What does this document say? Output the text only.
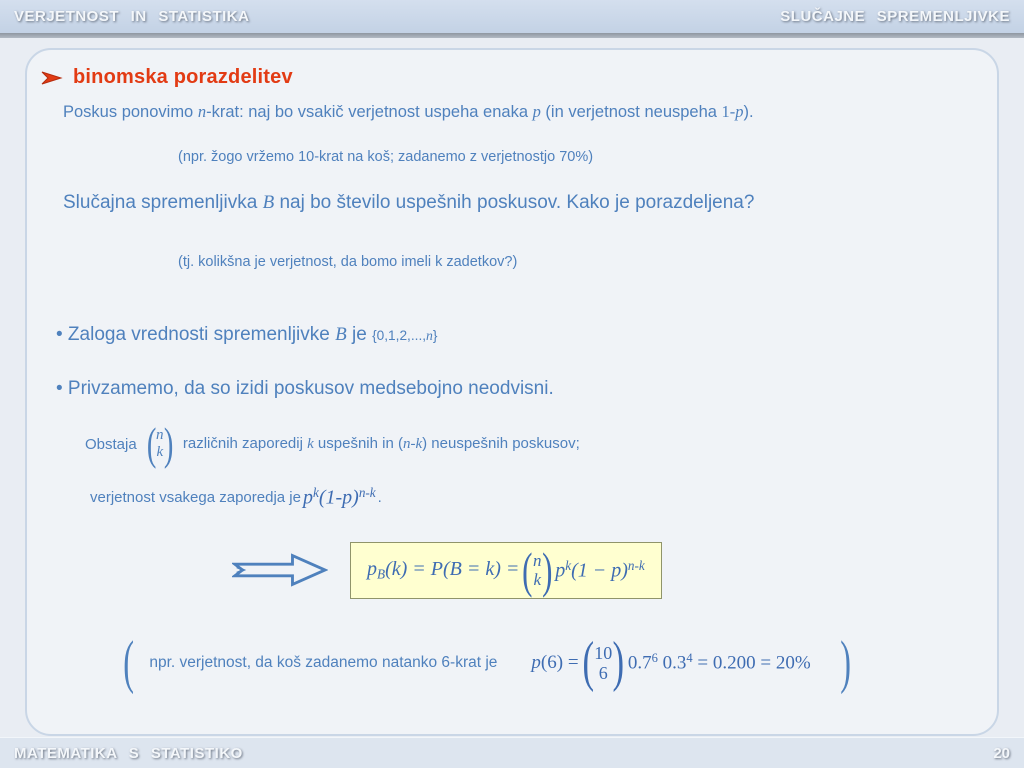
VERJETNOST IN STATISTIKA	SLUČAJNE SPREMENLJIVKE
binomska porazdelitev

Poskus ponovimo n-krat: naj bo vsakič verjetnost uspeha enaka p (in verjetnost neuspeha 1-p).

(npr. žogo vržemo 10-krat na koš; zadanemo z verjetnostjo 70%)

Slučajna spremenljivka B naj bo število uspešnih poskusov. Kako je porazdeljena?

(tj. kolikšna je verjetnost, da bomo imeli k zadetkov?)

• Zaloga vrednosti spremenljivke B je {0,1,2,...,n}

• Privzamemo, da so izidi poskusov medsebojno neodvisni.

Obstaja ( n
k ) različnih zaporedij k uspešnih in (n-k) neuspešnih poskusov;
verjetnost vsakega zaporedja je $p^k(1-p)^{n-k}$ .
$p_B(k) = P(B = k)$ = ( n
k ) $p^k(1 - p)^{n-k}$
( npr. verjetnost, da koš zadanemo natanko 6-krat je p(6) = ( 10
6 ) $0.7^6$ $0.3^4 = 0.200 = 20\%$ )
MATEMATIKA S STATISTIKO	20
